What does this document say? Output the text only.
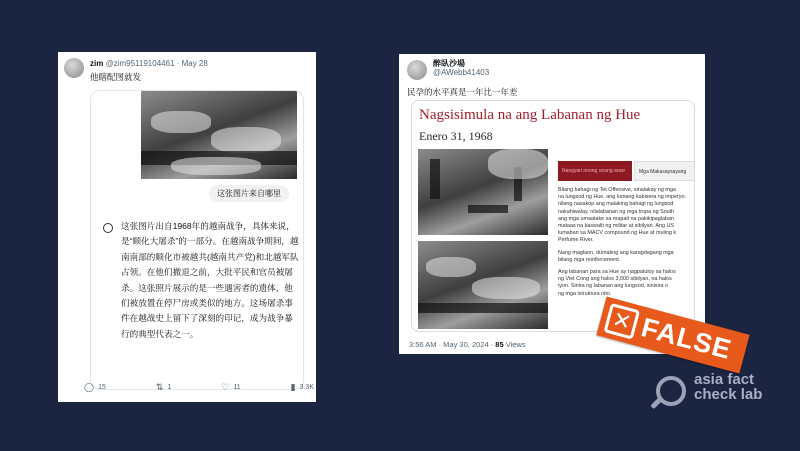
zim @zim95119104461 · May 28
他瞎配图就发
这张图片来自哪里
这张图片出自1968年的越南战争，具体来说，是“顺化大屠杀”的一部分。在越南战争期间，越南南部的顺化市被越共(越南共产党)和北越军队占领。在他们撤退之前，大批平民和官员被屠杀。这张照片展示的是一些遇害者的遗体，他们被放置在停尸房或类似的地方。这场屠杀事件在越战史上留下了深刻的印记，成为战争暴行的典型代表之一。
◯ 15	⇅ 1	♡ 11	▮ 3.3K
醉臥沙場
@AWebb41403
民孕的水平真是一年比一年差
Nagsisimula na ang Labanan ng Hue
Enero 31, 1968
Nangyari noong unang araw	Mga Makasaysayang

Bilang bahagi ng Tet Offensive, sinalakay ng mga

na lungsod ng Hue, ang lumang kabisera ng imperyo.

nilang nasakop ang malaking bahagi ng lungsod

nakahiwalay, nilalabanan ng mga tropa ng South

ang mga umaatake sa mapait na pakikipaglaban

mataas na kaswalti ng militar at sibilyan. Ang US

lumaban sa MACV compound ng Hue at muling k

Perfume River.

Nang maglaon, dumating ang karagdagang mga

bilang mga reinforcement.

Ang labanan para sa Hue ay nagpatuloy sa halos

ng Viet Cong ang halos 3,000 sibilyan, na halos

iyon. Sinira ng labanan ang lungsod, sinisira o

ng mga istruktura nito.

3:56 AM · May 30, 2024 · 85 Views
✕ FALSE
asia fact
check lab
